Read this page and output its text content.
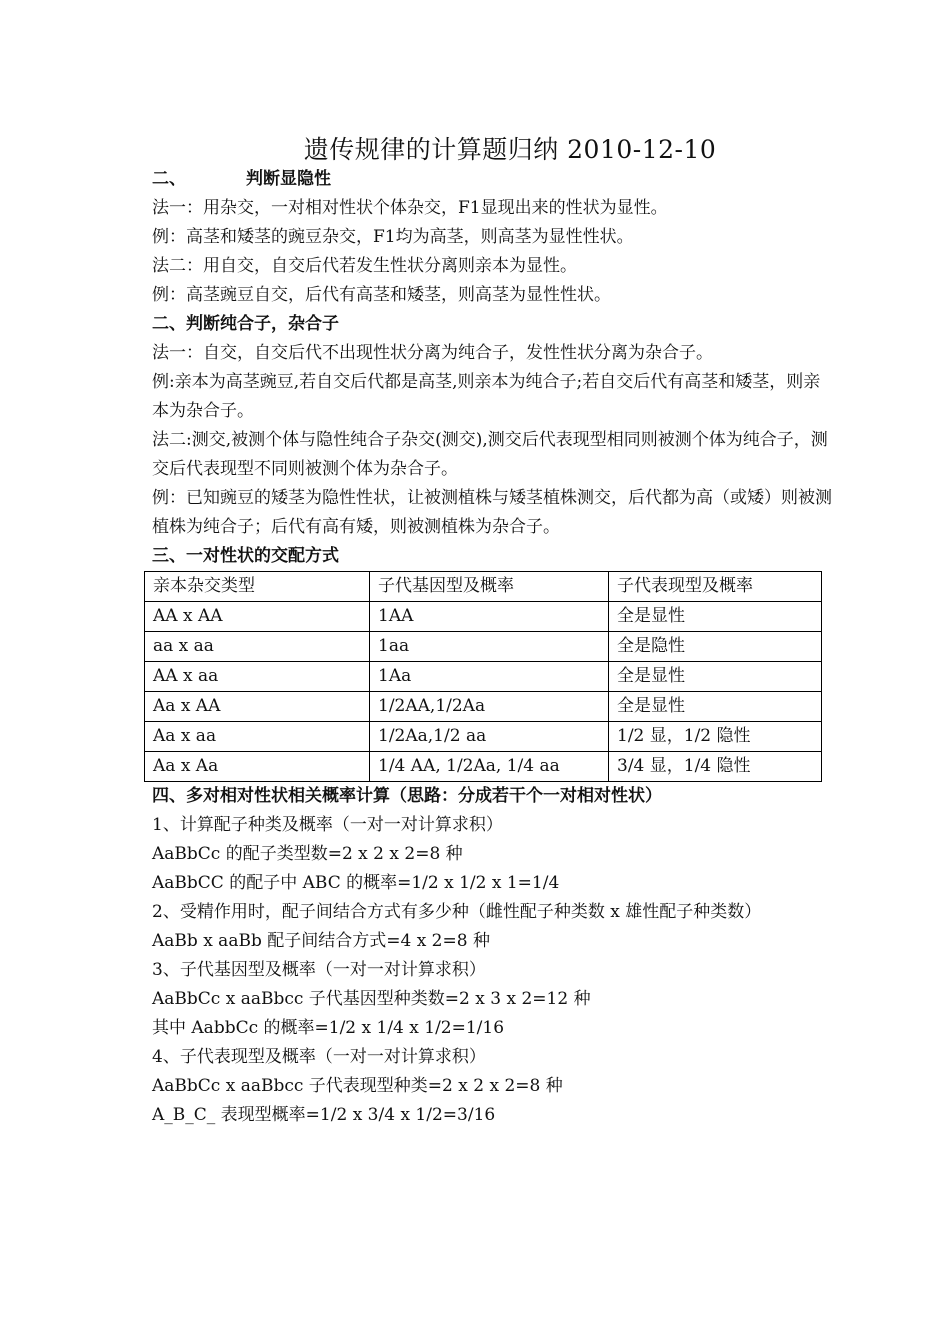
遗传规律的计算题归纳 2010-12-10
二、	判断显隐性

法一：用杂交，一对相对性状个体杂交，F1显现出来的性状为显性。

例：高茎和矮茎的豌豆杂交，F1均为高茎，则高茎为显性性状。

法二：用自交，自交后代若发生性状分离则亲本为显性。

例：高茎豌豆自交，后代有高茎和矮茎，则高茎为显性性状。

二、判断纯合子，杂合子

法一：自交，自交后代不出现性状分离为纯合子，发性性状分离为杂合子。

例:亲本为高茎豌豆,若自交后代都是高茎,则亲本为纯合子;若自交后代有高茎和矮茎，则亲本为杂合子。

法二:测交,被测个体与隐性纯合子杂交(测交),测交后代表现型相同则被测个体为纯合子，测交后代表现型不同则被测个体为杂合子。

例：已知豌豆的矮茎为隐性性状，让被测植株与矮茎植株测交，后代都为高（或矮）则被测植株为纯合子；后代有高有矮，则被测植株为杂合子。

三、一对性状的交配方式
亲本杂交类型	子代基因型及概率	子代表现型及概率
AA x AA	1AA	全是显性
aa x aa	1aa	全是隐性
AA x aa	1Aa	全是显性
Aa x AA	1/2AA,1/2Aa	全是显性
Aa x aa	1/2Aa,1/2 aa	1/2 显，1/2 隐性
Aa x Aa	1/4 AA, 1/2Aa, 1/4 aa	3/4 显，1/4 隐性
四、多对相对性状相关概率计算（思路：分成若干个一对相对性状）

1、计算配子种类及概率（一对一对计算求积）

AaBbCc 的配子类型数=2 x 2 x 2=8 种

AaBbCC 的配子中 ABC 的概率=1/2 x 1/2 x 1=1/4

2、受精作用时，配子间结合方式有多少种（雌性配子种类数 x 雄性配子种类数）

AaBb x aaBb 配子间结合方式=4 x 2=8 种

3、子代基因型及概率（一对一对计算求积）

AaBbCc x aaBbcc 子代基因型种类数=2 x 3 x 2=12 种

其中 AabbCc 的概率=1/2 x 1/4 x 1/2=1/16

4、子代表现型及概率（一对一对计算求积）

AaBbCc x aaBbcc 子代表现型种类=2 x 2 x 2=8 种

A_B_C_ 表现型概率=1/2 x 3/4 x 1/2=3/16
